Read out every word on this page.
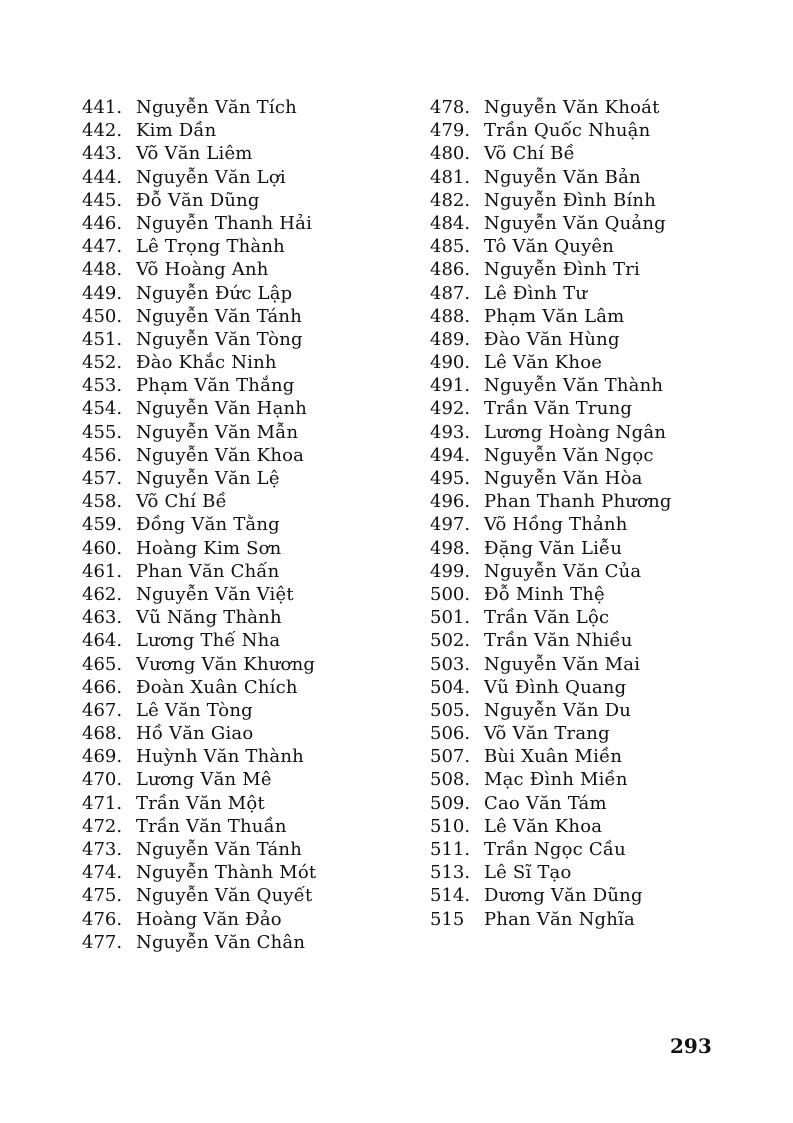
441. Nguyễn Văn Tích
442. Kim Dần
443. Võ Văn Liêm
444. Nguyễn Văn Lợi
445. Đỗ Văn Dũng
446. Nguyễn Thanh Hải
447. Lê Trọng Thành
448. Võ Hoàng Anh
449. Nguyễn Đức Lập
450. Nguyễn Văn Tánh
451. Nguyễn Văn Tòng
452. Đào Khắc Ninh
453. Phạm Văn Thắng
454. Nguyễn Văn Hạnh
455. Nguyễn Văn Mẫn
456. Nguyễn Văn Khoa
457. Nguyễn Văn Lệ
458. Võ Chí Bề
459. Đồng Văn Tằng
460. Hoàng Kim Sơn
461. Phan Văn Chấn
462. Nguyễn Văn Việt
463. Vũ Năng Thành
464. Lương Thế Nha
465. Vương Văn Khương
466. Đoàn Xuân Chích
467. Lê Văn Tòng
468. Hồ Văn Giao
469. Huỳnh Văn Thành
470. Lương Văn Mê
471. Trần Văn Một
472. Trần Văn Thuần
473. Nguyễn Văn Tánh
474. Nguyễn Thành Mót
475. Nguyễn Văn Quyết
476. Hoàng Văn Đảo
477. Nguyễn Văn Chân
478. Nguyễn Văn Khoát
479. Trần Quốc Nhuận
480. Võ Chí Bề
481. Nguyễn Văn Bản
482. Nguyễn Đình Bính
484. Nguyễn Văn Quảng
485. Tô Văn Quyên
486. Nguyễn Đình Tri
487. Lê Đình Tư
488. Phạm Văn Lâm
489. Đào Văn Hùng
490. Lê Văn Khoe
491. Nguyễn Văn Thành
492. Trần Văn Trung
493. Lương Hoàng Ngân
494. Nguyễn Văn Ngọc
495. Nguyễn Văn Hòa
496. Phan Thanh Phương
497. Võ Hồng Thảnh
498. Đặng Văn Liễu
499. Nguyễn Văn Của
500. Đỗ Minh Thệ
501. Trần Văn Lộc
502. Trần Văn Nhiều
503. Nguyễn Văn Mai
504. Vũ Đình Quang
505. Nguyễn Văn Du
506. Võ Văn Trang
507. Bùi Xuân Miền
508. Mạc Đình Miền
509. Cao Văn Tám
510. Lê Văn Khoa
511. Trần Ngọc Cầu
513. Lê Sĩ Tạo
514. Dương Văn Dũng
515	Phan Văn Nghĩa
293
